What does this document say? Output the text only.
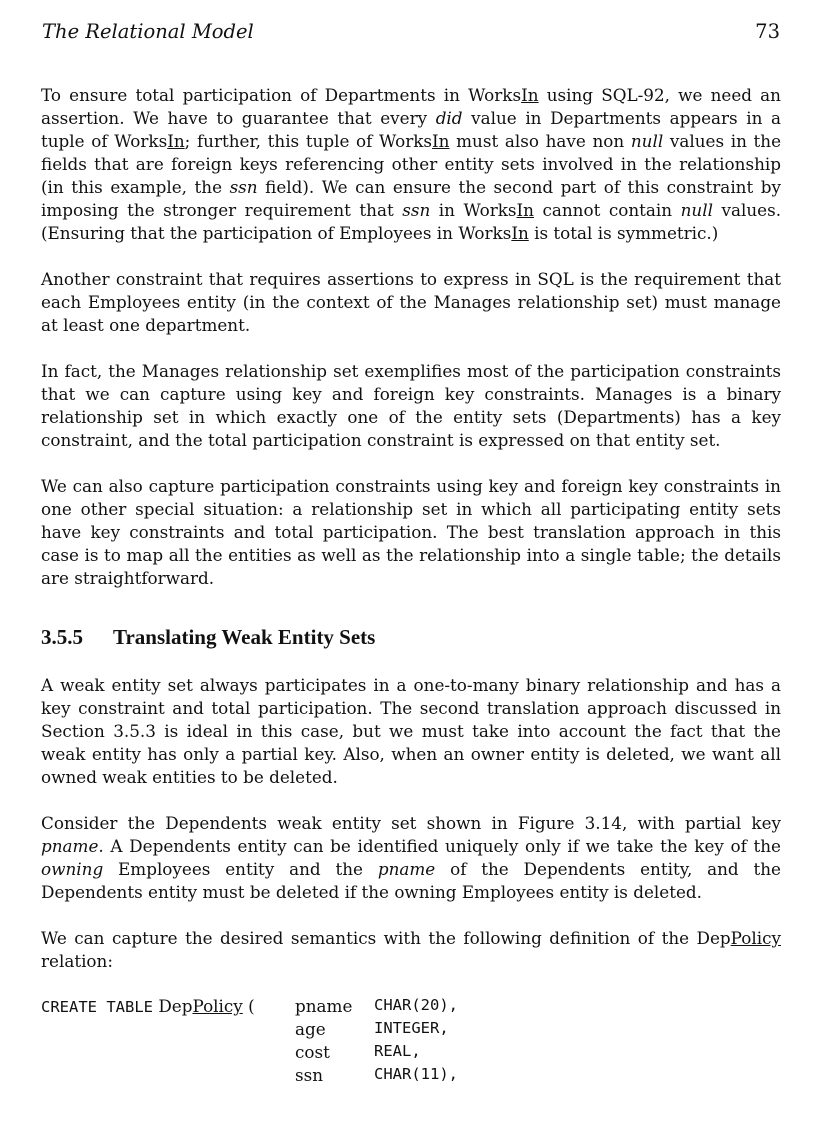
The Relational Model	73

To ensure total participation of Departments in WorksIn using SQL-92, we need an assertion. We have to guarantee that every did value in Departments appears in a tuple of WorksIn; further, this tuple of WorksIn must also have non null values in the fields that are foreign keys referencing other entity sets involved in the relationship (in this example, the ssn field). We can ensure the second part of this constraint by imposing the stronger requirement that ssn in WorksIn cannot contain null values. (Ensuring that the participation of Employees in WorksIn is total is symmetric.)

Another constraint that requires assertions to express in SQL is the requirement that each Employees entity (in the context of the Manages relationship set) must manage at least one department.

In fact, the Manages relationship set exemplifies most of the participation constraints that we can capture using key and foreign key constraints. Manages is a binary relationship set in which exactly one of the entity sets (Departments) has a key constraint, and the total participation constraint is expressed on that entity set.

We can also capture participation constraints using key and foreign key constraints in one other special situation: a relationship set in which all participating entity sets have key constraints and total participation. The best translation approach in this case is to map all the entities as well as the relationship into a single table; the details are straightforward.

3.5.5 Translating Weak Entity Sets

A weak entity set always participates in a one-to-many binary relationship and has a key constraint and total participation. The second translation approach discussed in Section 3.5.3 is ideal in this case, but we must take into account the fact that the weak entity has only a partial key. Also, when an owner entity is deleted, we want all owned weak entities to be deleted.

Consider the Dependents weak entity set shown in Figure 3.14, with partial key pname. A Dependents entity can be identified uniquely only if we take the key of the owning Employees entity and the pname of the Dependents entity, and the Dependents entity must be deleted if the owning Employees entity is deleted.

We can capture the desired semantics with the following definition of the DepPolicy relation:

CREATE TABLE DepPolicy ( pname CHAR(20),
age	INTEGER,
cost	REAL,
ssn	CHAR(11),
